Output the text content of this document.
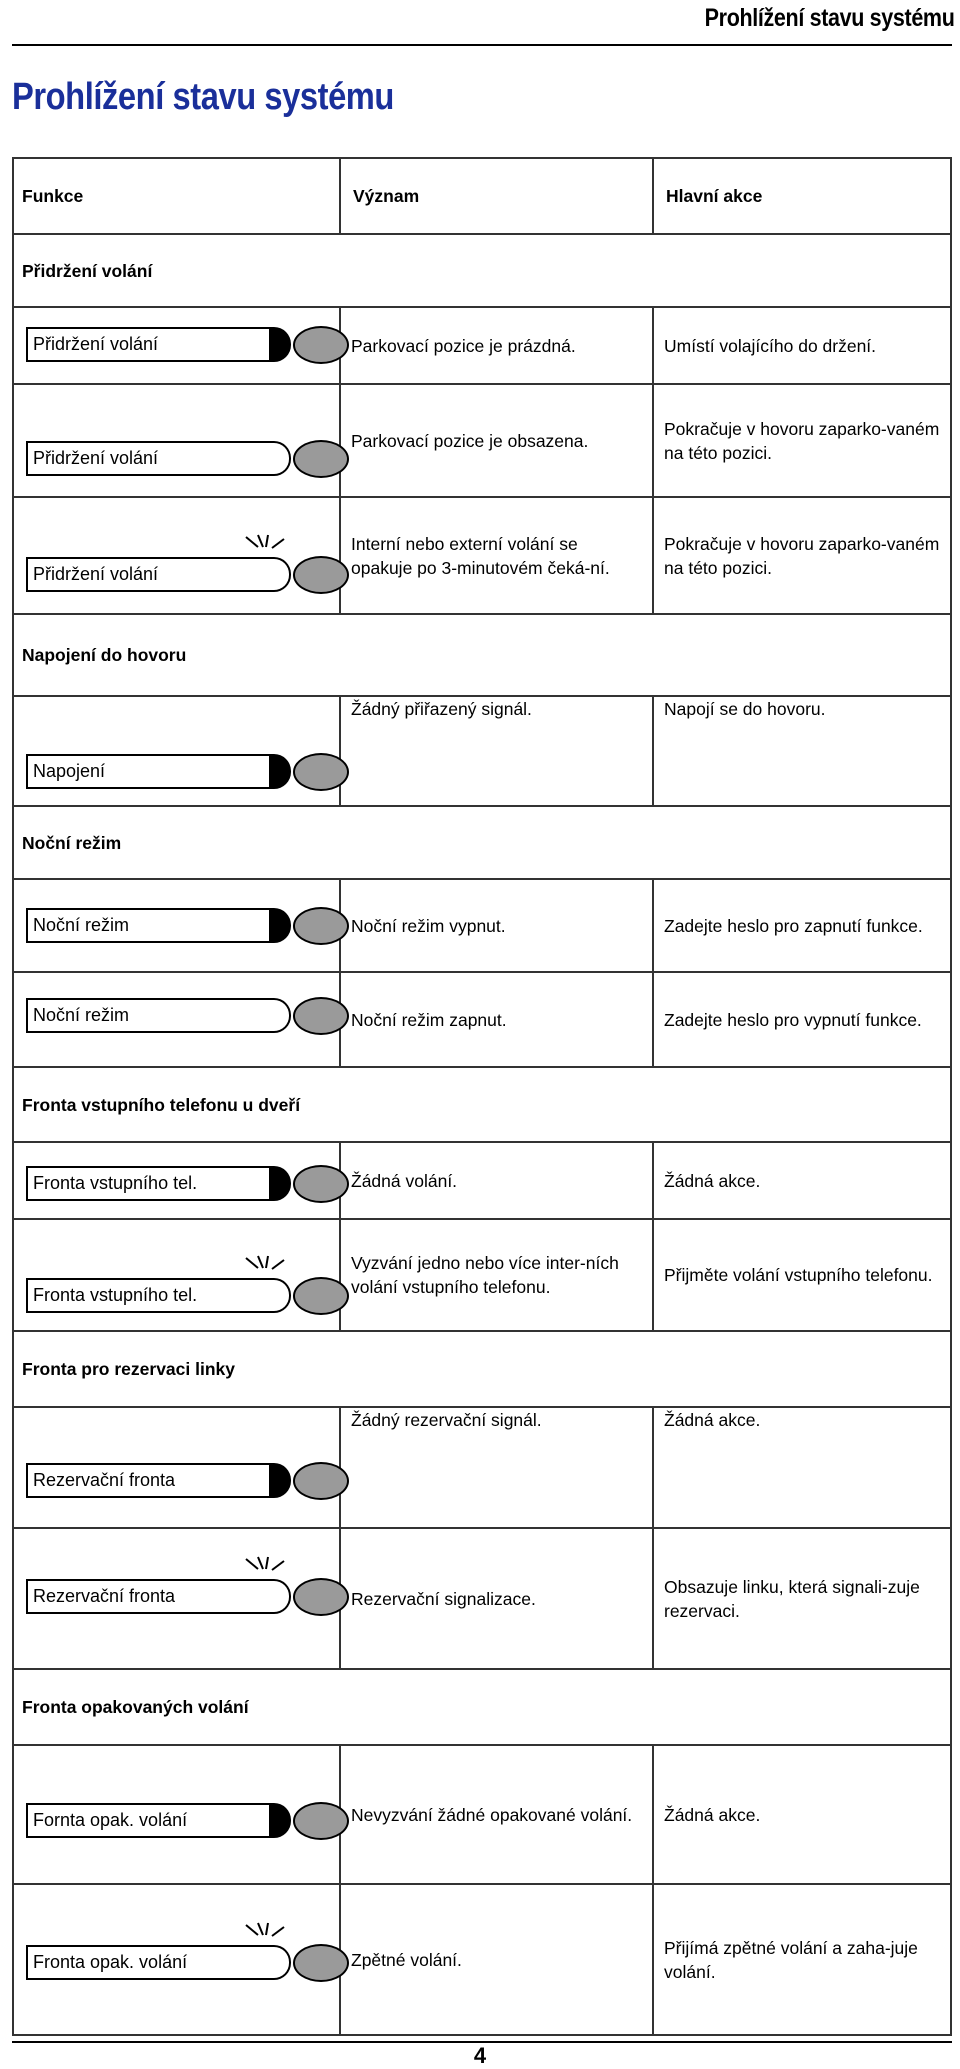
Prohlížení stavu systému
Prohlížení stavu systému
Funkce	Význam	Hlavní akce
Přidržení volání		

Přidržení volání	Parkovací pozice je prázdná.	Umístí volajícího do držení.

Přidržení volání	Parkovací pozice je obsazena.	Pokračuje v hovoru zaparko-vaném na této pozici.

Přidržení volání	Interní nebo externí volání se opakuje po 3-minutovém čeká-ní.	Pokračuje v hovoru zaparko-vaném na této pozici.
Napojení do hovoru		

Napojení	Žádný přiřazený signál.	Napojí se do hovoru.
Noční režim		

Noční režim	Noční režim vypnut.	Zadejte heslo pro zapnutí funkce.

Noční režim	Noční režim zapnut.	Zadejte heslo pro vypnutí funkce.
Fronta vstupního telefonu u dveří		

Fronta vstupního tel.	Žádná volání.	Žádná akce.

Fronta vstupního tel.	Vyzvání jedno nebo více inter-ních volání vstupního telefonu.	Přijměte volání vstupního telefonu.
Fronta pro rezervaci linky		

Rezervační fronta	Žádný rezervační signál.	Žádná akce.

Rezervační fronta	Rezervační signalizace.	Obsazuje linku, která signali-zuje rezervaci.
Fronta opakovaných volání		

Fornta opak. volání	Nevyzvání žádné opakované volání.	Žádná akce.

Fronta opak. volání	Zpětné volání.	Přijímá zpětné volání a zaha-juje volání.
4
